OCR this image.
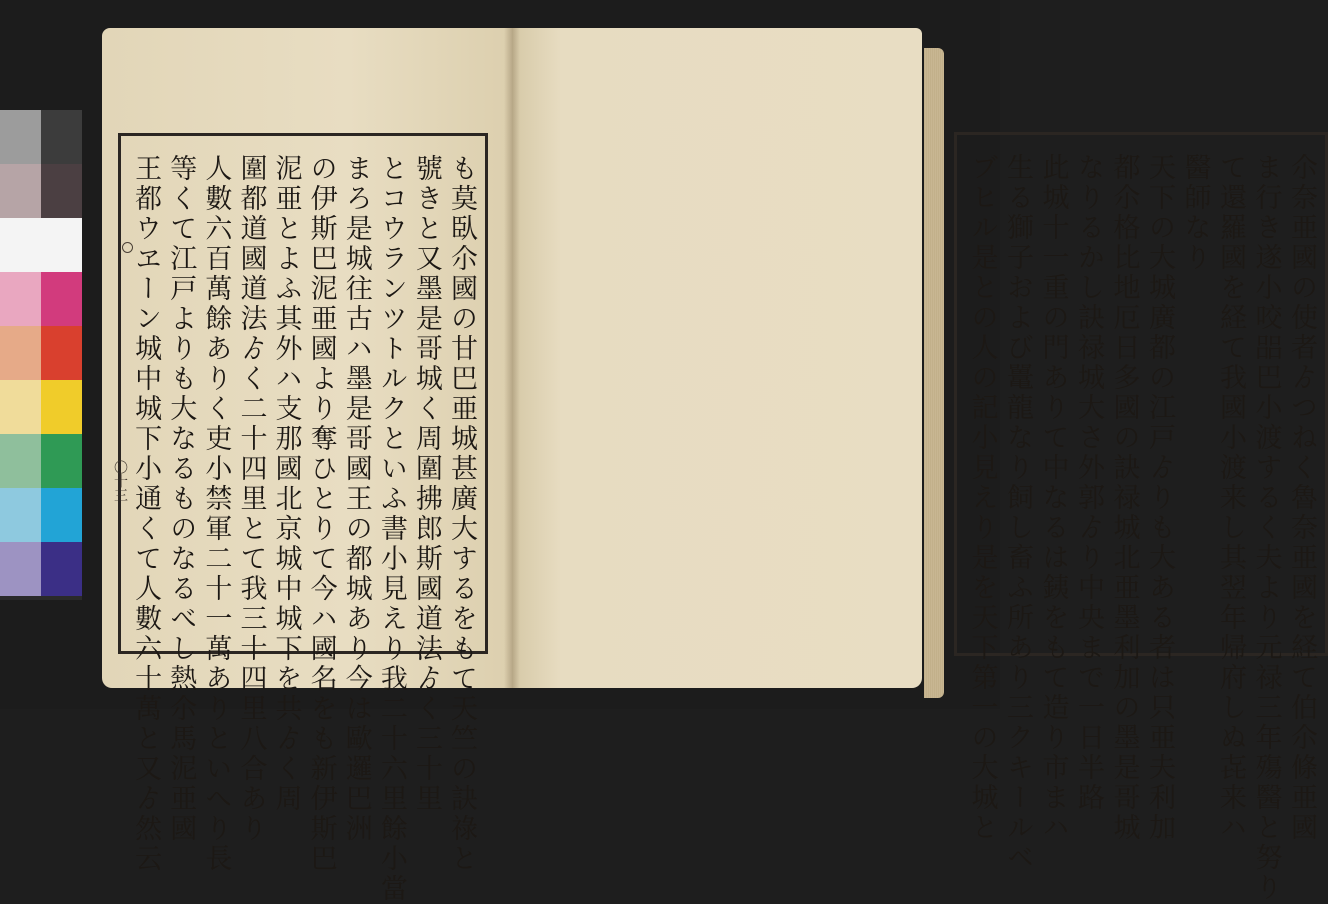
も莫臥尒國の甘巴亜城甚廣大するをもて天竺の訣祿と
號きと又墨是哥城く周圍拂郎斯國道法ゟく三十里
とコウランツトルクといふ書小見えり我二十六里餘小當
まろ是城往古ハ墨是哥國王の都城あり今は歐邏巴洲
の伊斯巴泥亜國より奪ひとりて今ハ國名をも新伊斯巴
泥亜とよふ其外ハ支那國北京城中城下を共ゟく周
圍都道國道法ゟく二十四里とて我三十四里八合あり
人數六百萬餘ありく吏小禁軍二十一萬ありといへり長
等くて江戸よりも大なるものなるべし熱尒馬泥亜國
王都ウヱーン城中城下小通くて人數六十萬と又ゟ然云
〇十三	尒奈亜國の使者ゟつねく魯奈亜國を経て伯尒條亜國
ま行き遂小咬㗊巴小渡するく夫より元禄三年殤醫と努り
て還羅國を経て我國小渡来し其翌年帰府しぬ㐂来ハ
醫師なり
天下の大城廣都の江戸ゟりも大ある者は只亜夫利加
都尒格比地厄日多國の訣禄城北亜墨利加の墨是哥城
なりるかし訣禄城大さ外郭ゟり中央まで一日半路
此城十一重の門ありて中なるは銕をもて造り市まハ
生る獅子および鼍龍なり飼し畜ふ所あり三クキールベ
ブヒル是との人の記小見えり是を天下第一の大城と
